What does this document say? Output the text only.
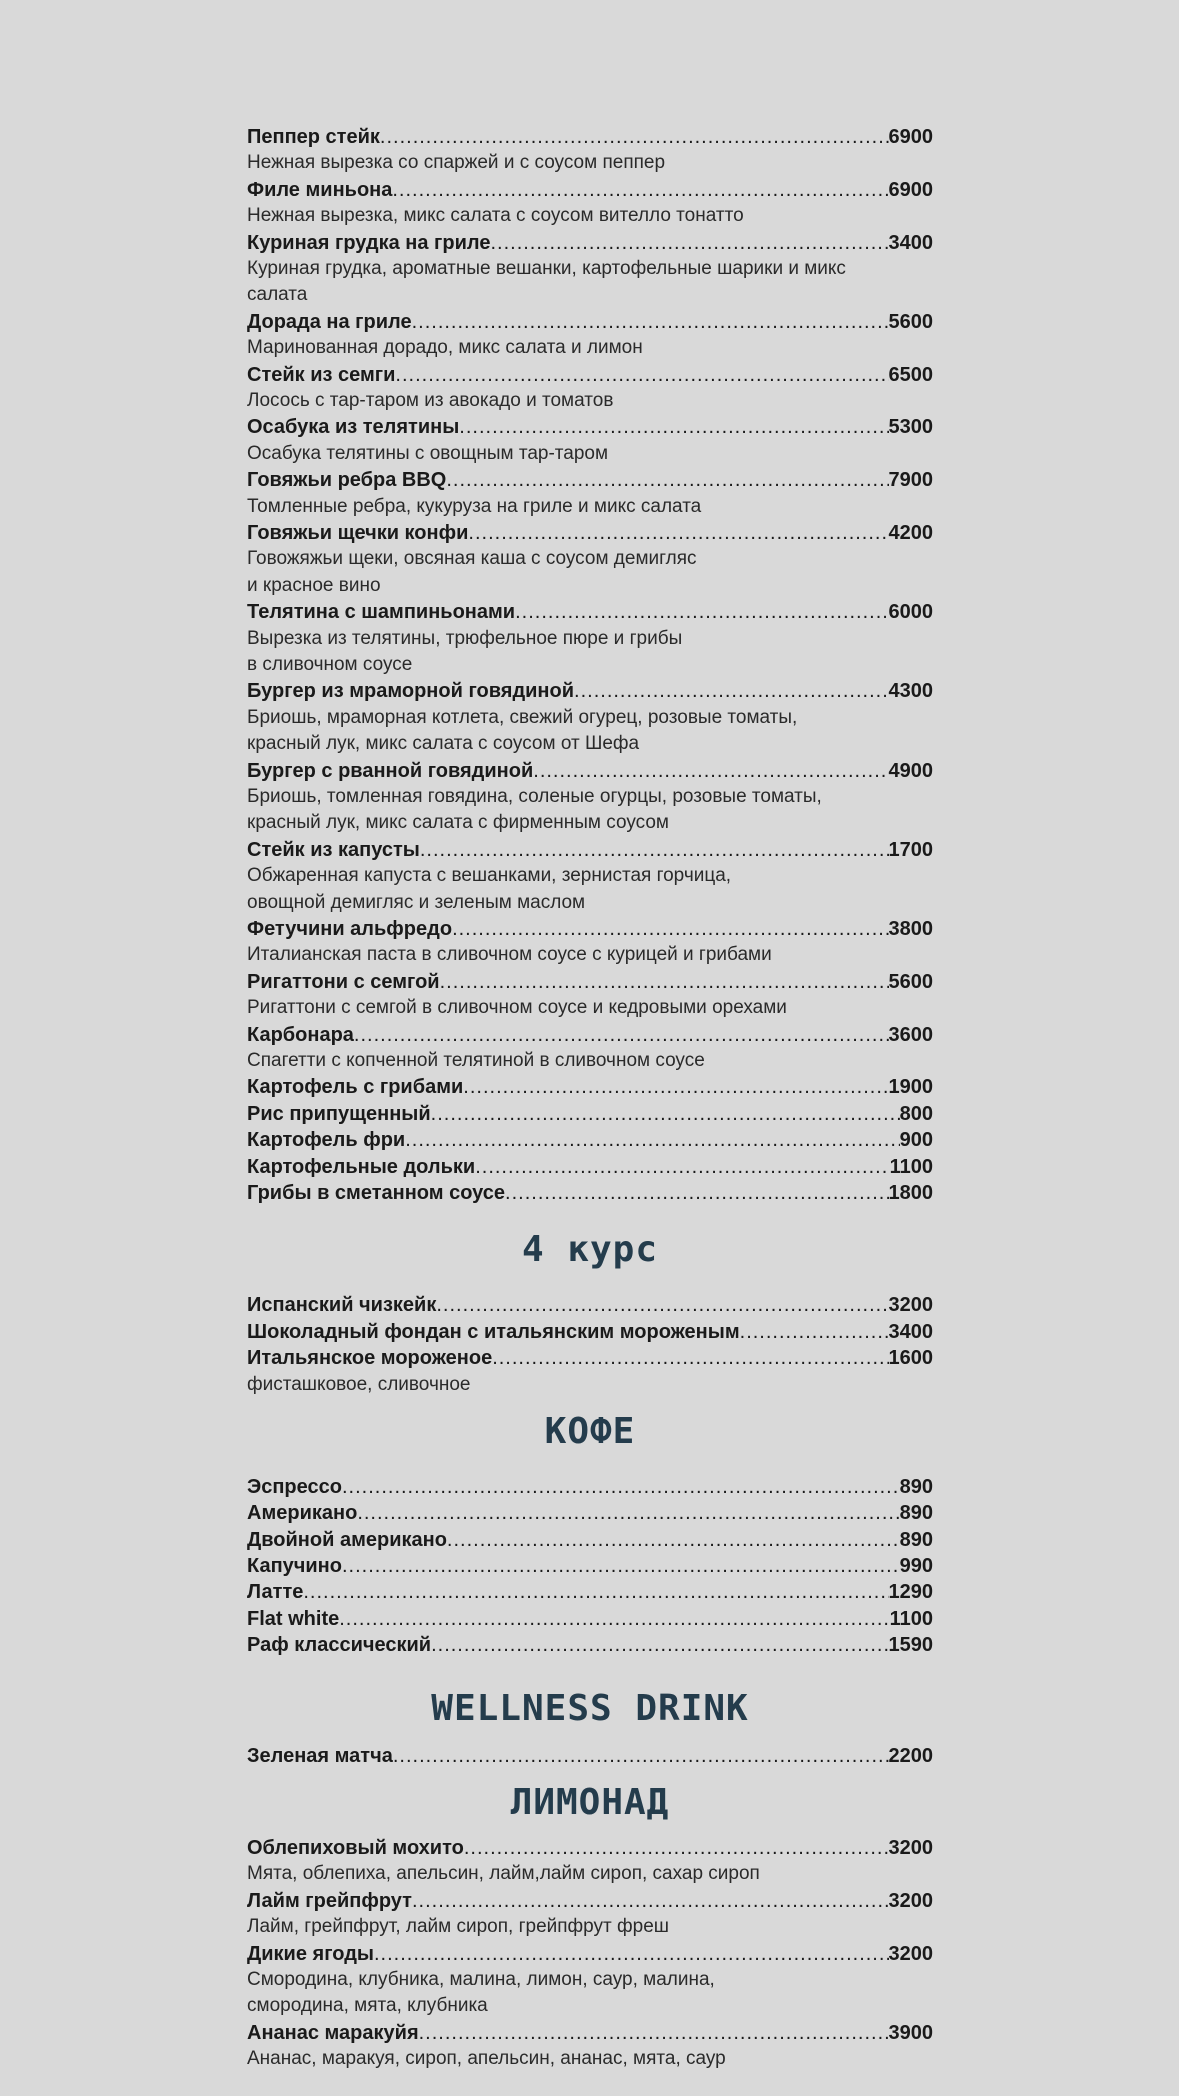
Пеппер стейк .....	6900
Нежная вырезка со спаржей и с соусом пеппер
Филе миньона .....	6900
Нежная вырезка, микс салата с соусом вителло тонатто
Куриная грудка на гриле .....	3400
Куриная грудка, ароматные вешанки, картофельные шарики и микс
салата
Дорада на гриле .....	5600
Маринованная дорадо, микс салата и лимон
Стейк из семги .....	6500
Лосось с тар-таром из авокадо и томатов
Осабука из телятины .....	5300
Осабука телятины с овощным тар-таром
Говяжьи ребра BBQ .....	7900
Томленные ребра, кукуруза на гриле и микс салата
Говяжьи щечки конфи .....	4200
Говожяжьи щеки, овсяная каша с соусом демигляс
и красное вино
Телятина с шампиньонами .....	6000
Вырезка из телятины, трюфельное пюре и грибы
в сливочном соусе
Бургер из мраморной говядиной .....	4300
Бриошь, мраморная котлета, свежий огурец, розовые томаты,
красный лук, микс салата с соусом от Шефа
Бургер с рванной говядиной .....	4900
Бриошь, томленная говядина, соленые огурцы, розовые томаты,
красный лук, микс салата с фирменным соусом
Стейк из капусты .....	1700
Обжаренная капуста с вешанками, зернистая горчица,
овощной демигляс и зеленым маслом
Фетучини альфредо .....	3800
Италианская паста в сливочном соусе с курицей и грибами
Ригаттони с семгой .....	5600
Ригаттони с семгой в сливочном соусе и кедровыми орехами
Карбонара .....	3600
Спагетти с копченной телятиной в сливочном соусе
Картофель с грибами .....	1900
Рис припущенный .....	800
Картофель фри .....	900
Картофельные дольки .....	1100
Грибы в сметанном соусе .....	1800
4 курс
Испанский чизкейк .....	3200
Шоколадный фондан с итальянским мороженым .....	3400
Итальянское мороженое .....	1600
фисташковое, сливочное
КОФЕ
Эспрессо .....	890
Американо .....	890
Двойной американо .....	890
Капучино .....	990
Латте .....	1290
Flat white .....	1100
Раф классический .....	1590
WELLNESS DRINK
Зеленая матча .....	2200
ЛИМОНАД
Облепиховый мохито .....	3200
Мята, облепиха, апельсин, лайм,лайм сироп, сахар сироп
Лайм грейпфрут .....	3200
Лайм, грейпфрут, лайм сироп, грейпфрут фреш
Дикие ягоды .....	3200
Смородина, клубника, малина, лимон, саур, малина,
смородина, мята, клубника
Ананас маракуйя .....	3900
Ананас, маракуя, сироп, апельсин, ананас, мята, саур
